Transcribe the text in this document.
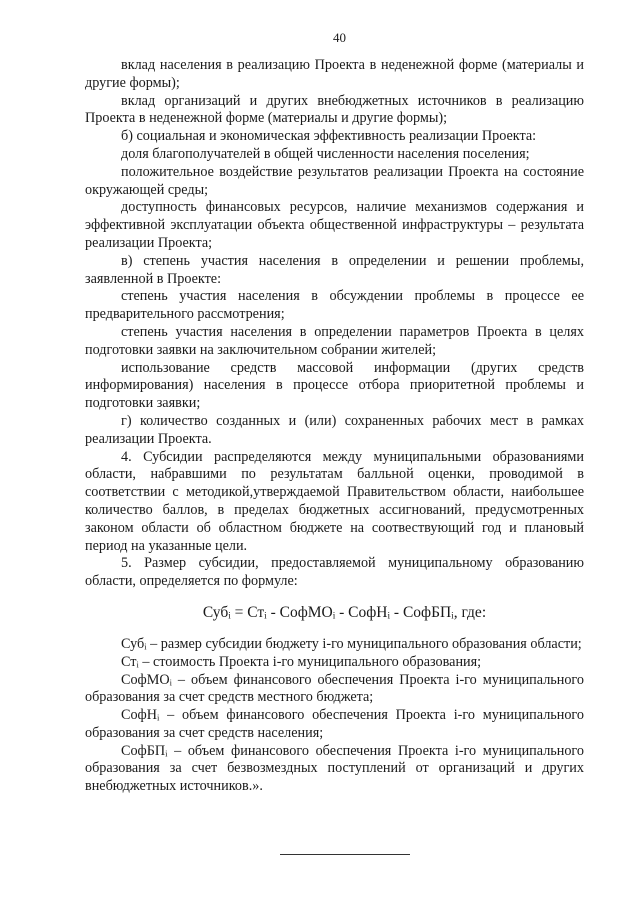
40

вклад населения в реализацию Проекта в неденежной форме (материалы и другие формы);

вклад организаций и других внебюджетных источников в реализацию Проекта в неденежной форме (материалы и другие формы);

б) социальная и экономическая эффективность реализации Проекта:

доля благополучателей в общей численности населения поселения;

положительное воздействие результатов реализации Проекта на состояние окружающей среды;

доступность финансовых ресурсов, наличие механизмов содержания и эффективной эксплуатации объекта общественной инфраструктуры – результата реализации Проекта;

в) степень участия населения в определении и решении проблемы, заявленной в Проекте:

степень участия населения в обсуждении проблемы в процессе ее предварительного рассмотрения;

степень участия населения в определении параметров Проекта в целях подготовки заявки на заключительном собрании жителей;

использование средств массовой информации (других средств информирования) населения в процессе отбора приоритетной проблемы и подготовки заявки;

г) количество созданных и (или) сохраненных рабочих мест в рамках реализации Проекта.

4. Субсидии распределяются между муниципальными образованиями области, набравшими по результатам балльной оценки, проводимой в соответствии с методикой,утверждаемой Правительством области, наибольшее количество баллов, в пределах бюджетных ассигнований, предусмотренных законом области об областном бюджете на соотвествующий год и плановый период на указанные цели.

5. Размер субсидии, предоставляемой муниципальному образованию области, определяется по формуле:

Субᵢ = Стᵢ - СофМОᵢ - СофНᵢ - СофБПᵢ, где:

Субᵢ – размер субсидии бюджету i-го муниципального образования области;

Стᵢ – стоимость Проекта i-го муниципального образования;

СофМОᵢ – объем финансового обеспечения Проекта i-го муниципального образования за счет средств местного бюджета;

СофНᵢ – объем финансового обеспечения Проекта i-го муниципального образования за счет средств населения;

СофБПᵢ – объем финансового обеспечения Проекта i-го муниципального образования за счет безвозмездных поступлений от организаций и других внебюджетных источников.».
